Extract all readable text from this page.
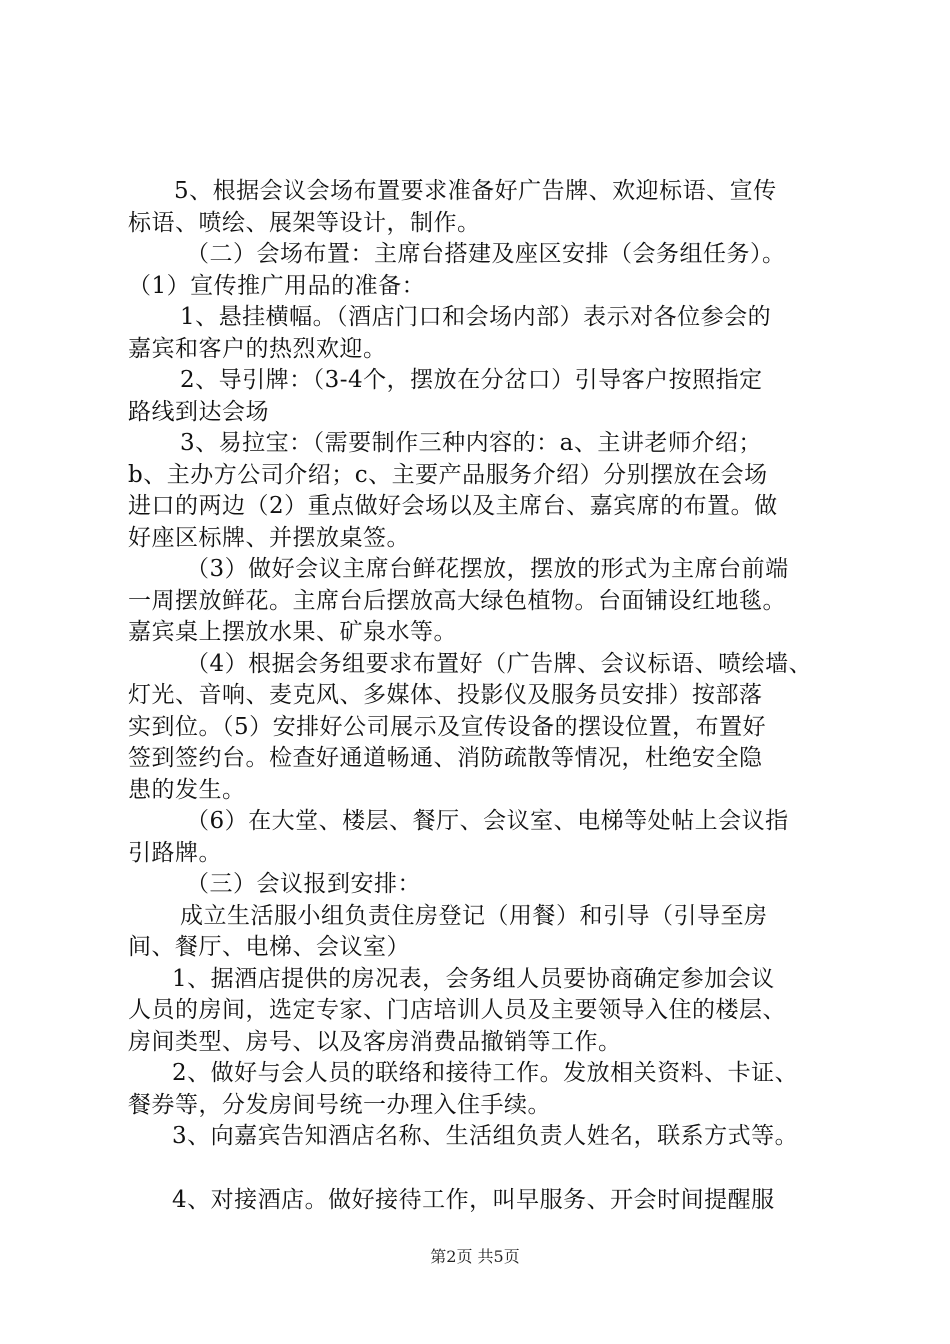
5、根据会议会场布置要求准备好广告牌、欢迎标语、宣传

标语、喷绘、展架等设计，制作。

（二）会场布置：主席台搭建及座区安排（会务组任务）。

（1）宣传推广用品的准备：

1、悬挂横幅。（酒店门口和会场内部）表示对各位参会的

嘉宾和客户的热烈欢迎。

2、导引牌：（3-4个，摆放在分岔口）引导客户按照指定

路线到达会场

3、易拉宝：（需要制作三种内容的：a、主讲老师介绍；

b、主办方公司介绍；c、主要产品服务介绍）分别摆放在会场

进口的两边（2）重点做好会场以及主席台、嘉宾席的布置。做

好座区标牌、并摆放桌签。

（3）做好会议主席台鲜花摆放，摆放的形式为主席台前端

一周摆放鲜花。主席台后摆放高大绿色植物。台面铺设红地毯。

嘉宾桌上摆放水果、矿泉水等。

（4）根据会务组要求布置好（广告牌、会议标语、喷绘墙、

灯光、音响、麦克风、多媒体、投影仪及服务员安排）按部落

实到位。（5）安排好公司展示及宣传设备的摆设位置，布置好

签到签约台。检查好通道畅通、消防疏散等情况，杜绝安全隐

患的发生。

（6）在大堂、楼层、餐厅、会议室、电梯等处帖上会议指

引路牌。

（三）会议报到安排：

成立生活服小组负责住房登记（用餐）和引导（引导至房

间、餐厅、电梯、会议室）

1、据酒店提供的房况表，会务组人员要协商确定参加会议

人员的房间，选定专家、门店培训人员及主要领导入住的楼层、

房间类型、房号、以及客房消费品撤销等工作。

2、做好与会人员的联络和接待工作。发放相关资料、卡证、

餐券等，分发房间号统一办理入住手续。

3、向嘉宾告知酒店名称、生活组负责人姓名，联系方式等。

4、对接酒店。做好接待工作，叫早服务、开会时间提醒服

第2页 共5页
